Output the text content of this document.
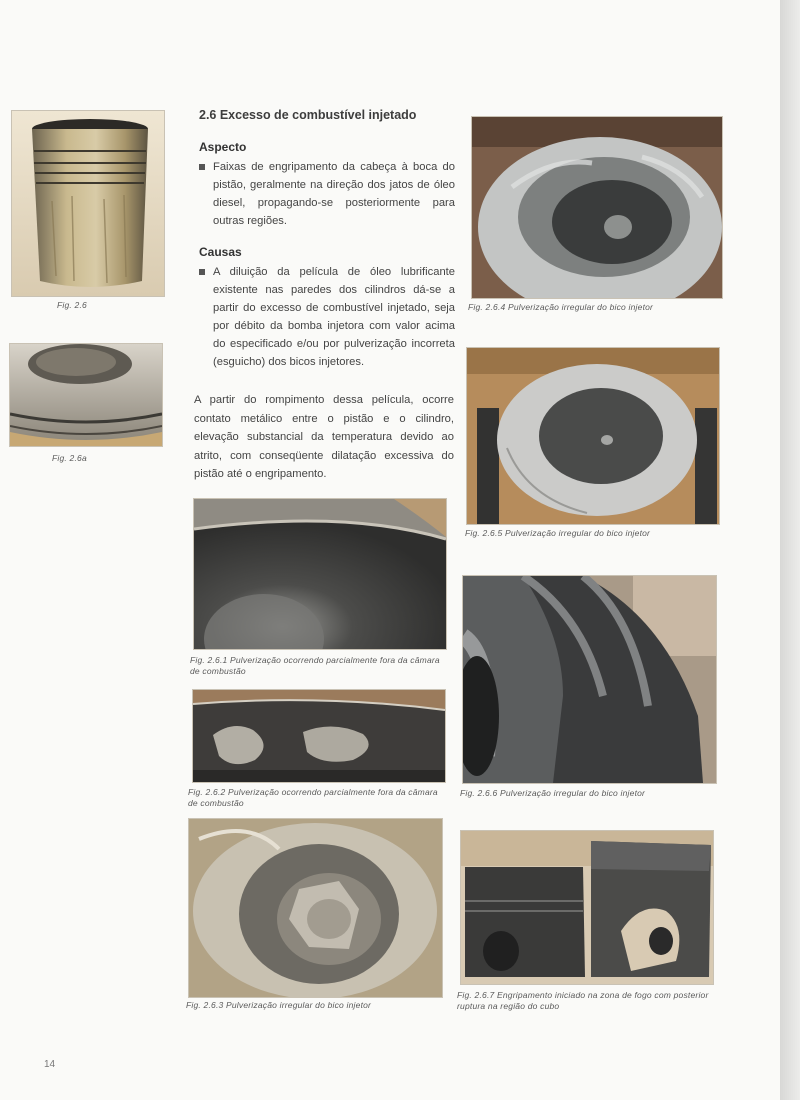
Fig. 2.6
Fig. 2.6a
2.6 Excesso de combustível injetado
Aspecto
Faixas de engripamento da cabeça à boca do pistão, geralmente na direção dos jatos de óleo diesel, propagando-se posteriormente para outras regiões.
Causas
A diluição da película de óleo lubrificante existente nas paredes dos cilindros dá-se a partir do excesso de combustível injetado, seja por débito da bomba injetora com valor acima do especificado e/ou por pulverização incorreta (esguicho) dos bicos injetores.
A partir do rompimento dessa película, ocorre contato metálico entre o pistão e o cilindro, elevação substancial da temperatura devido ao atrito, com conseqüente dilatação excessiva do pistão até o engripamento.
Fig. 2.6.1 Pulverização ocorrendo parcialmente fora da câmara de combustão
Fig. 2.6.2 Pulverização ocorrendo parcialmente fora da câmara de combustão
Fig. 2.6.3 Pulverização irregular do bico injetor
Fig. 2.6.4 Pulverização irregular do bico injetor
Fig. 2.6.5 Pulverização irregular do bico injetor
Fig. 2.6.6 Pulverização irregular do bico injetor
Fig. 2.6.7 Engripamento iniciado na zona de fogo com posterior ruptura na região do cubo
14
